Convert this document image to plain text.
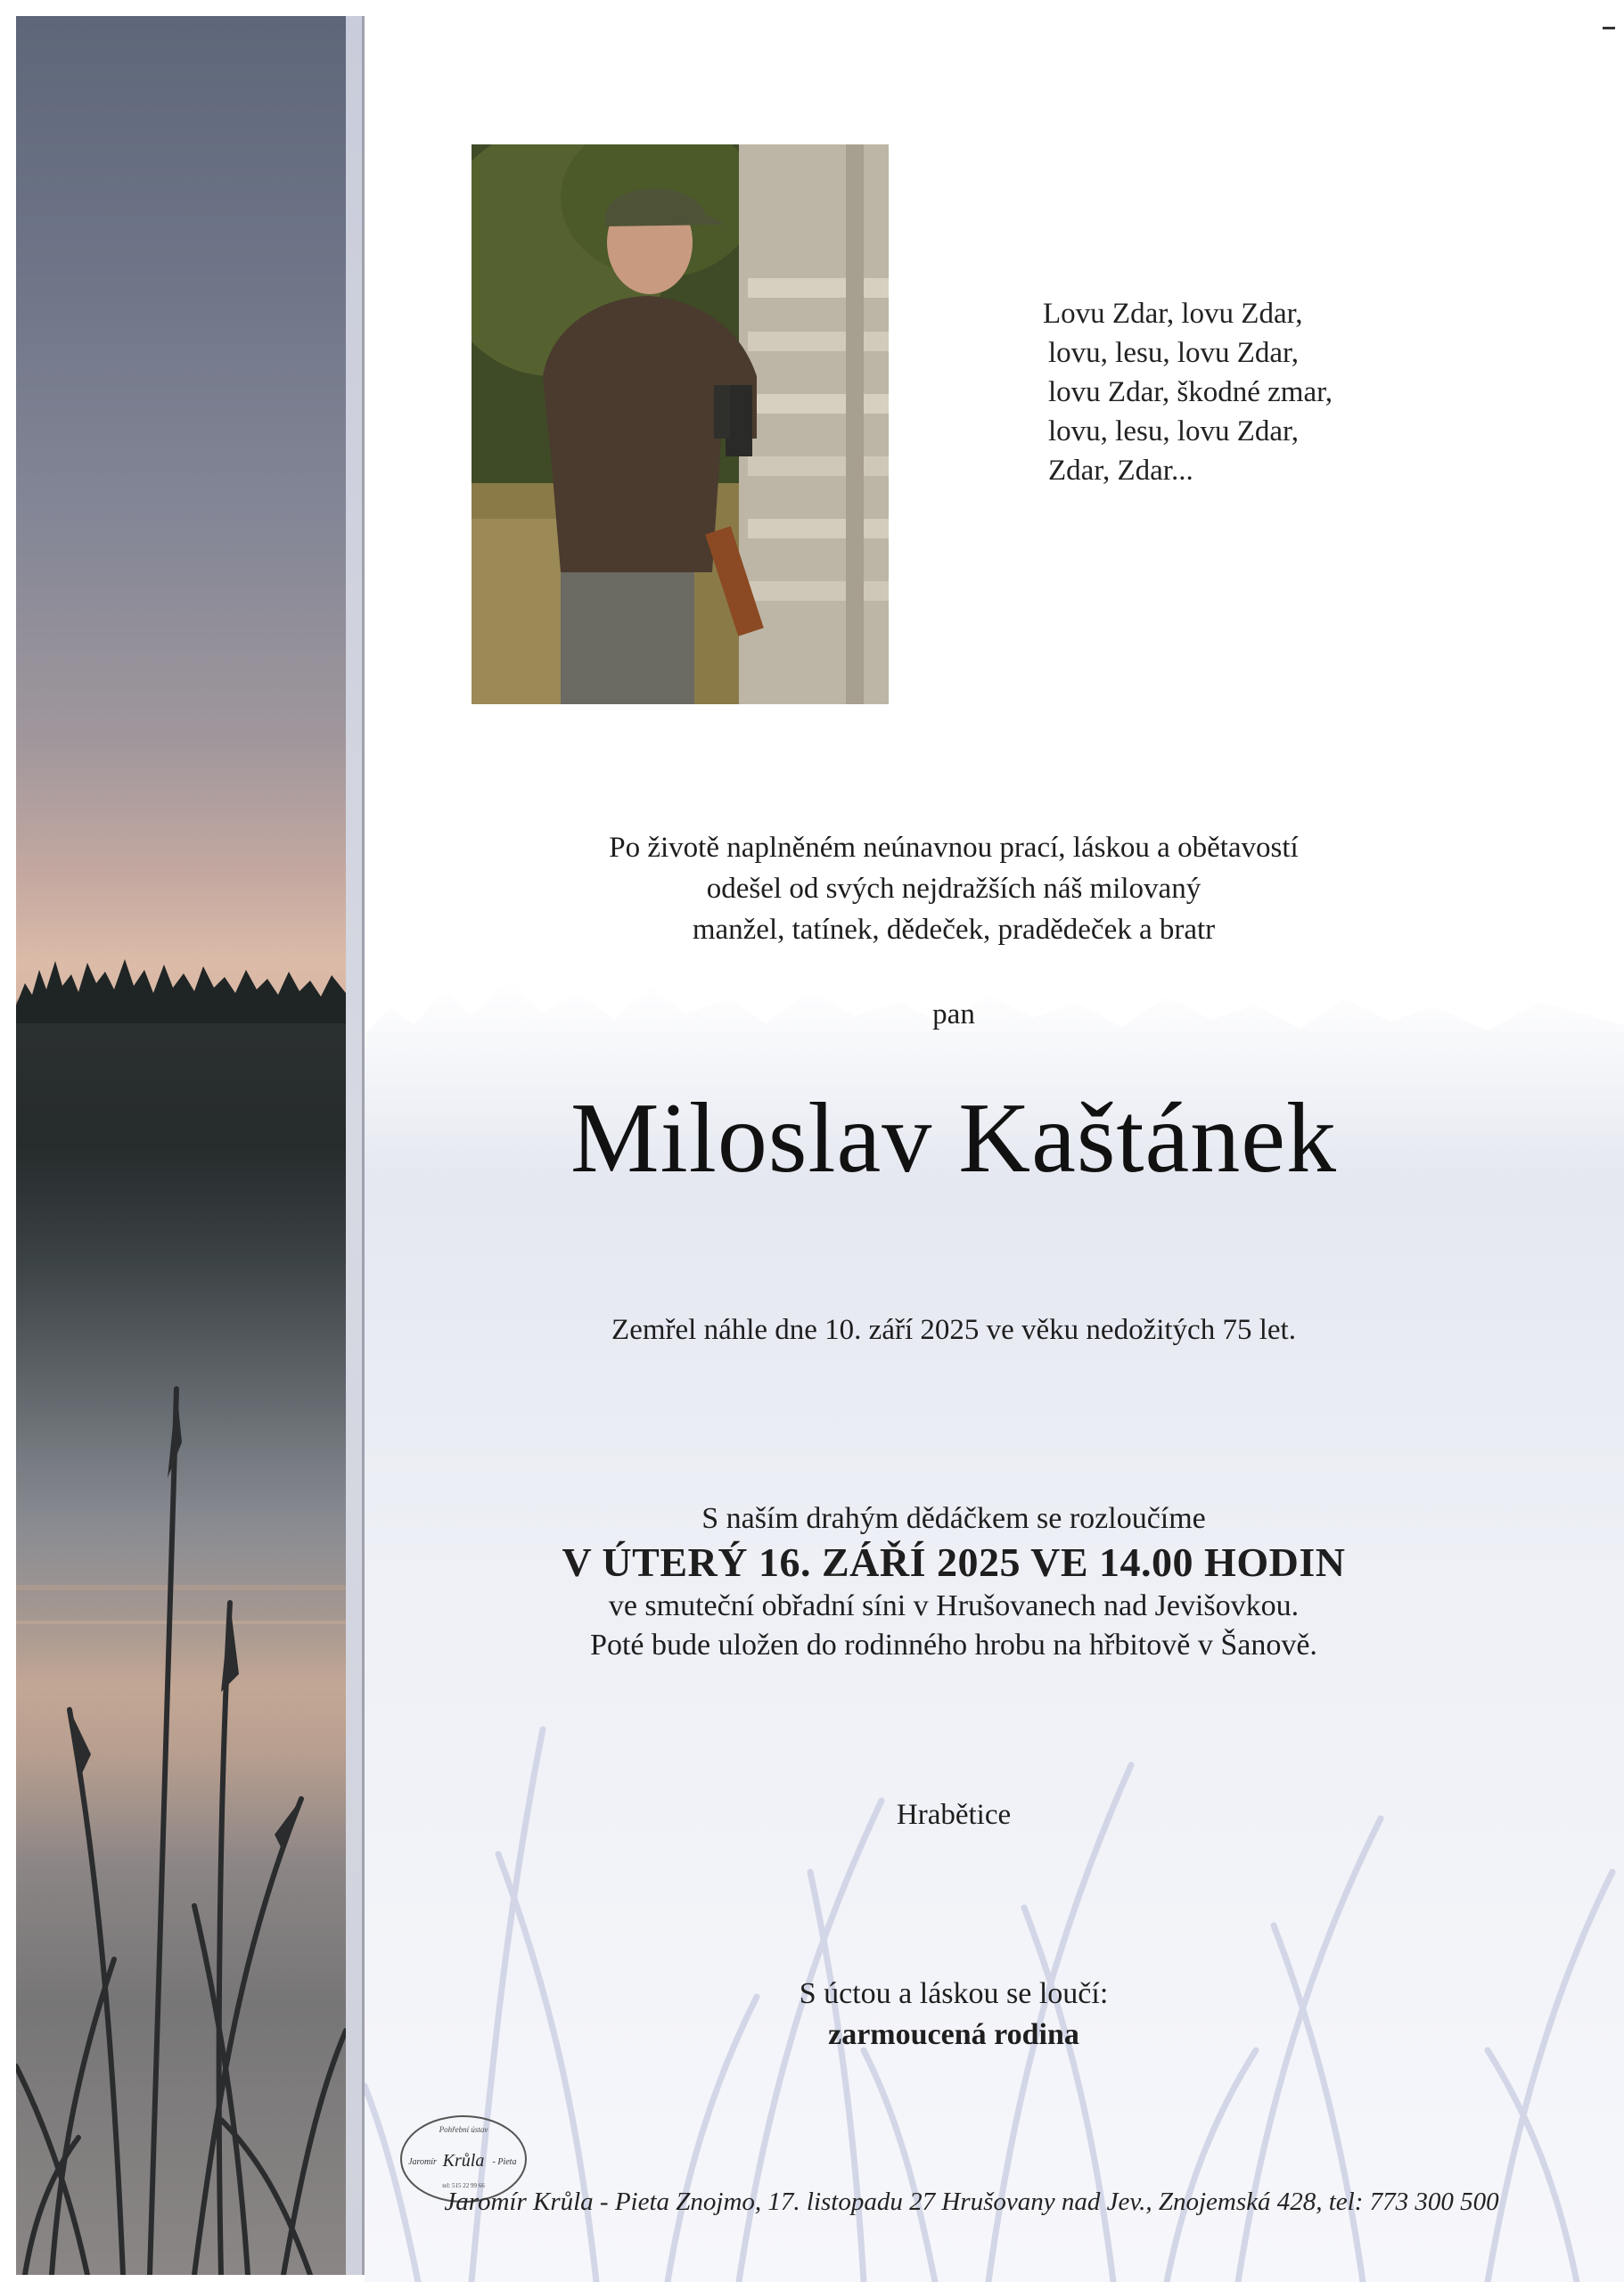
Lovu Zdar, lovu Zdar,
lovu, lesu, lovu Zdar,
lovu Zdar, škodné zmar,
lovu, lesu, lovu Zdar,
Zdar, Zdar...
Po životě naplněném neúnavnou prací, láskou a obětavostí
odešel od svých nejdražších náš milovaný
manžel, tatínek, dědeček, pradědeček a bratr
pan
Miloslav Kaštánek
Zemřel náhle dne 10. září 2025 ve věku nedožitých 75 let.
S naším drahým dědáčkem se rozloučíme
V ÚTERÝ 16. ZÁŘÍ 2025 VE 14.00 HODIN
ve smuteční obřadní síni v Hrušovanech nad Jevišovkou.
Poté bude uložen do rodinného hrobu na hřbitově v Šanově.
Hrabětice
S úctou a láskou se loučí:
zarmoucená rodina
Pohřební ústav
Jaromír Krůla - Pieta
tel: 515 22 99 66
Jaromír Krůla - Pieta Znojmo, 17. listopadu 27 Hrušovany nad Jev., Znojemská 428, tel: 773 300 500
